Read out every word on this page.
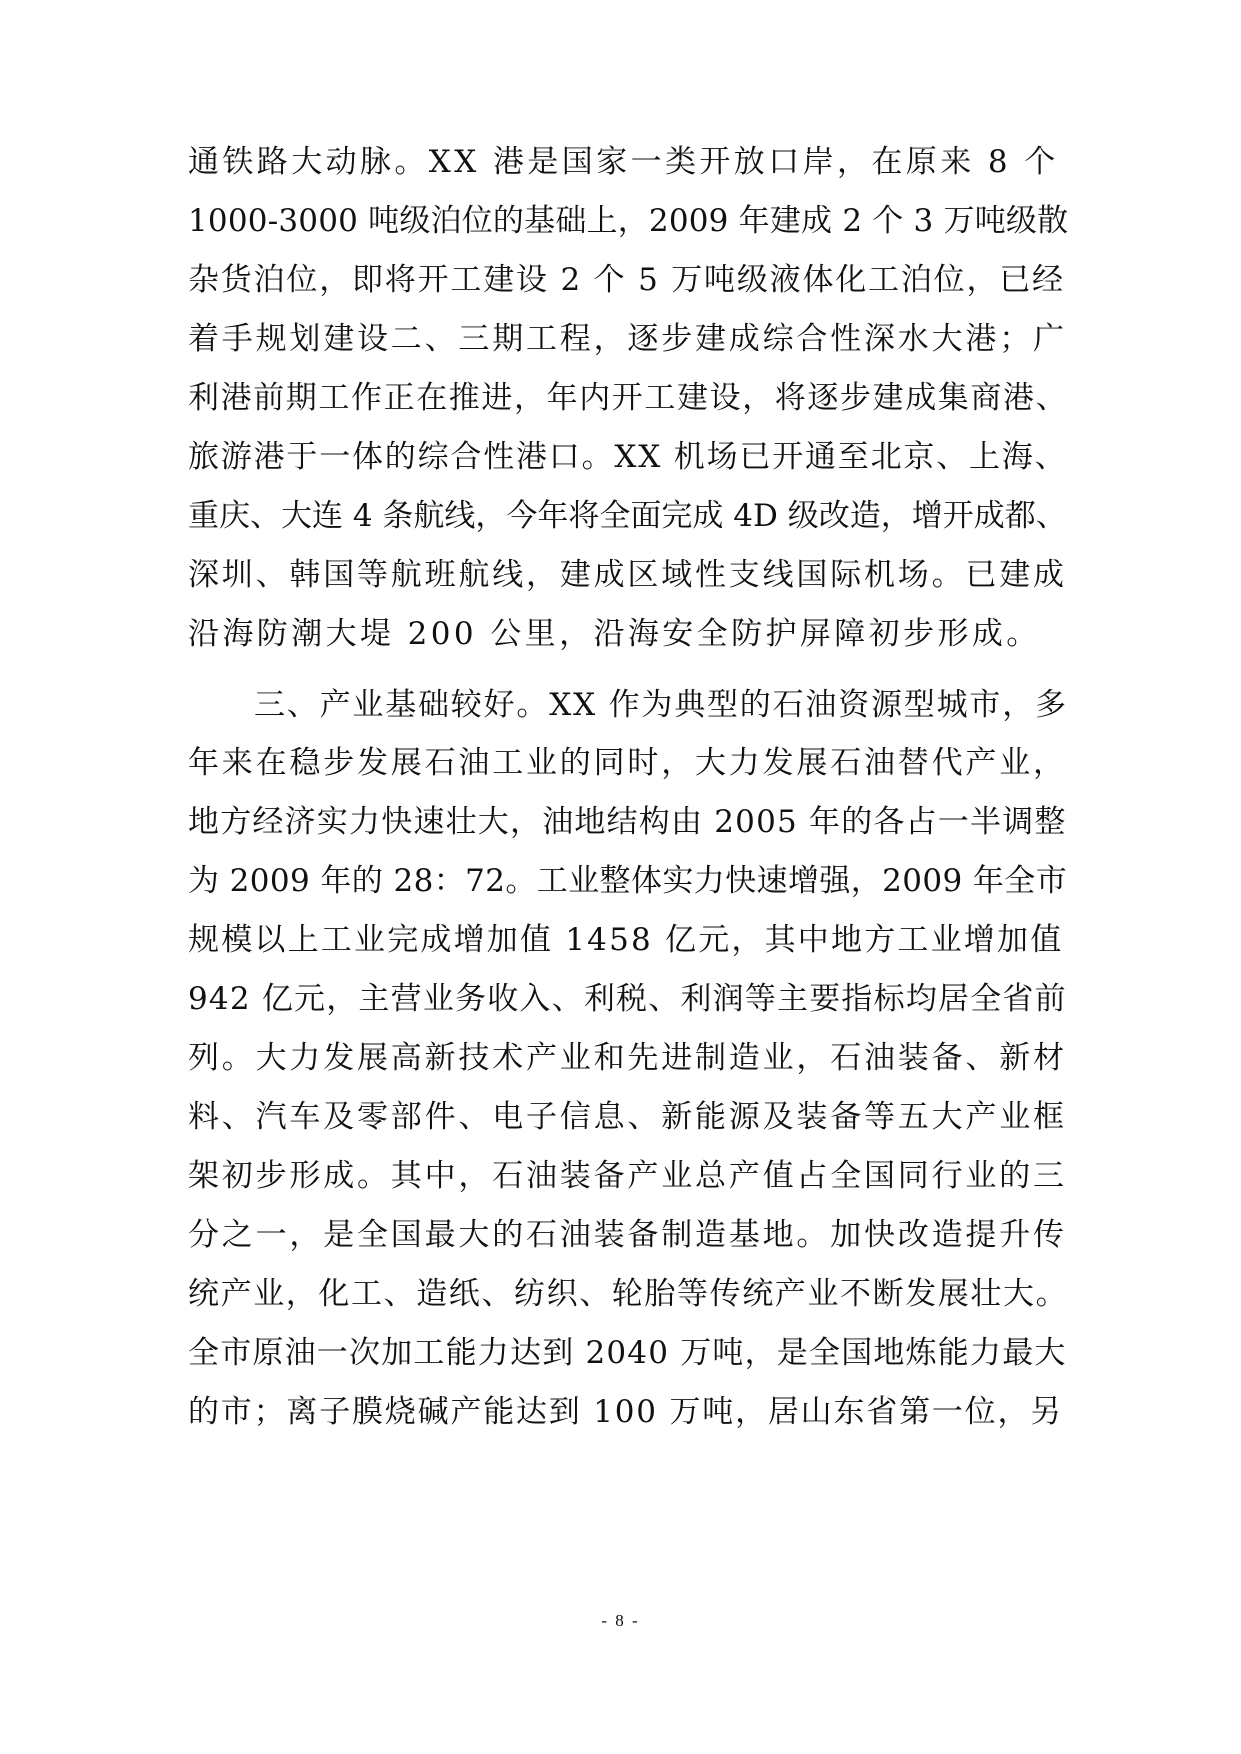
通铁路大动脉。XX 港是国家一类开放口岸，在原来 8 个
1000-3000 吨级泊位的基础上，2009 年建成 2 个 3 万吨级散
杂货泊位，即将开工建设 2 个 5 万吨级液体化工泊位，已经
着手规划建设二、三期工程，逐步建成综合性深水大港；广
利港前期工作正在推进，年内开工建设，将逐步建成集商港、
旅游港于一体的综合性港口。XX 机场已开通至北京、上海、
重庆、大连 4 条航线，今年将全面完成 4D 级改造，增开成都、
深圳、韩国等航班航线，建成区域性支线国际机场。已建成
沿海防潮大堤 200 公里，沿海安全防护屏障初步形成。
三、产业基础较好。XX 作为典型的石油资源型城市，多
年来在稳步发展石油工业的同时，大力发展石油替代产业，
地方经济实力快速壮大，油地结构由 2005 年的各占一半调整
为 2009 年的 28：72。工业整体实力快速增强，2009 年全市
规模以上工业完成增加值 1458 亿元，其中地方工业增加值
942 亿元，主营业务收入、利税、利润等主要指标均居全省前
列。大力发展高新技术产业和先进制造业，石油装备、新材
料、汽车及零部件、电子信息、新能源及装备等五大产业框
架初步形成。其中，石油装备产业总产值占全国同行业的三
分之一，是全国最大的石油装备制造基地。加快改造提升传
统产业，化工、造纸、纺织、轮胎等传统产业不断发展壮大。
全市原油一次加工能力达到 2040 万吨，是全国地炼能力最大
的市；离子膜烧碱产能达到 100 万吨，居山东省第一位，另
- 8 -
